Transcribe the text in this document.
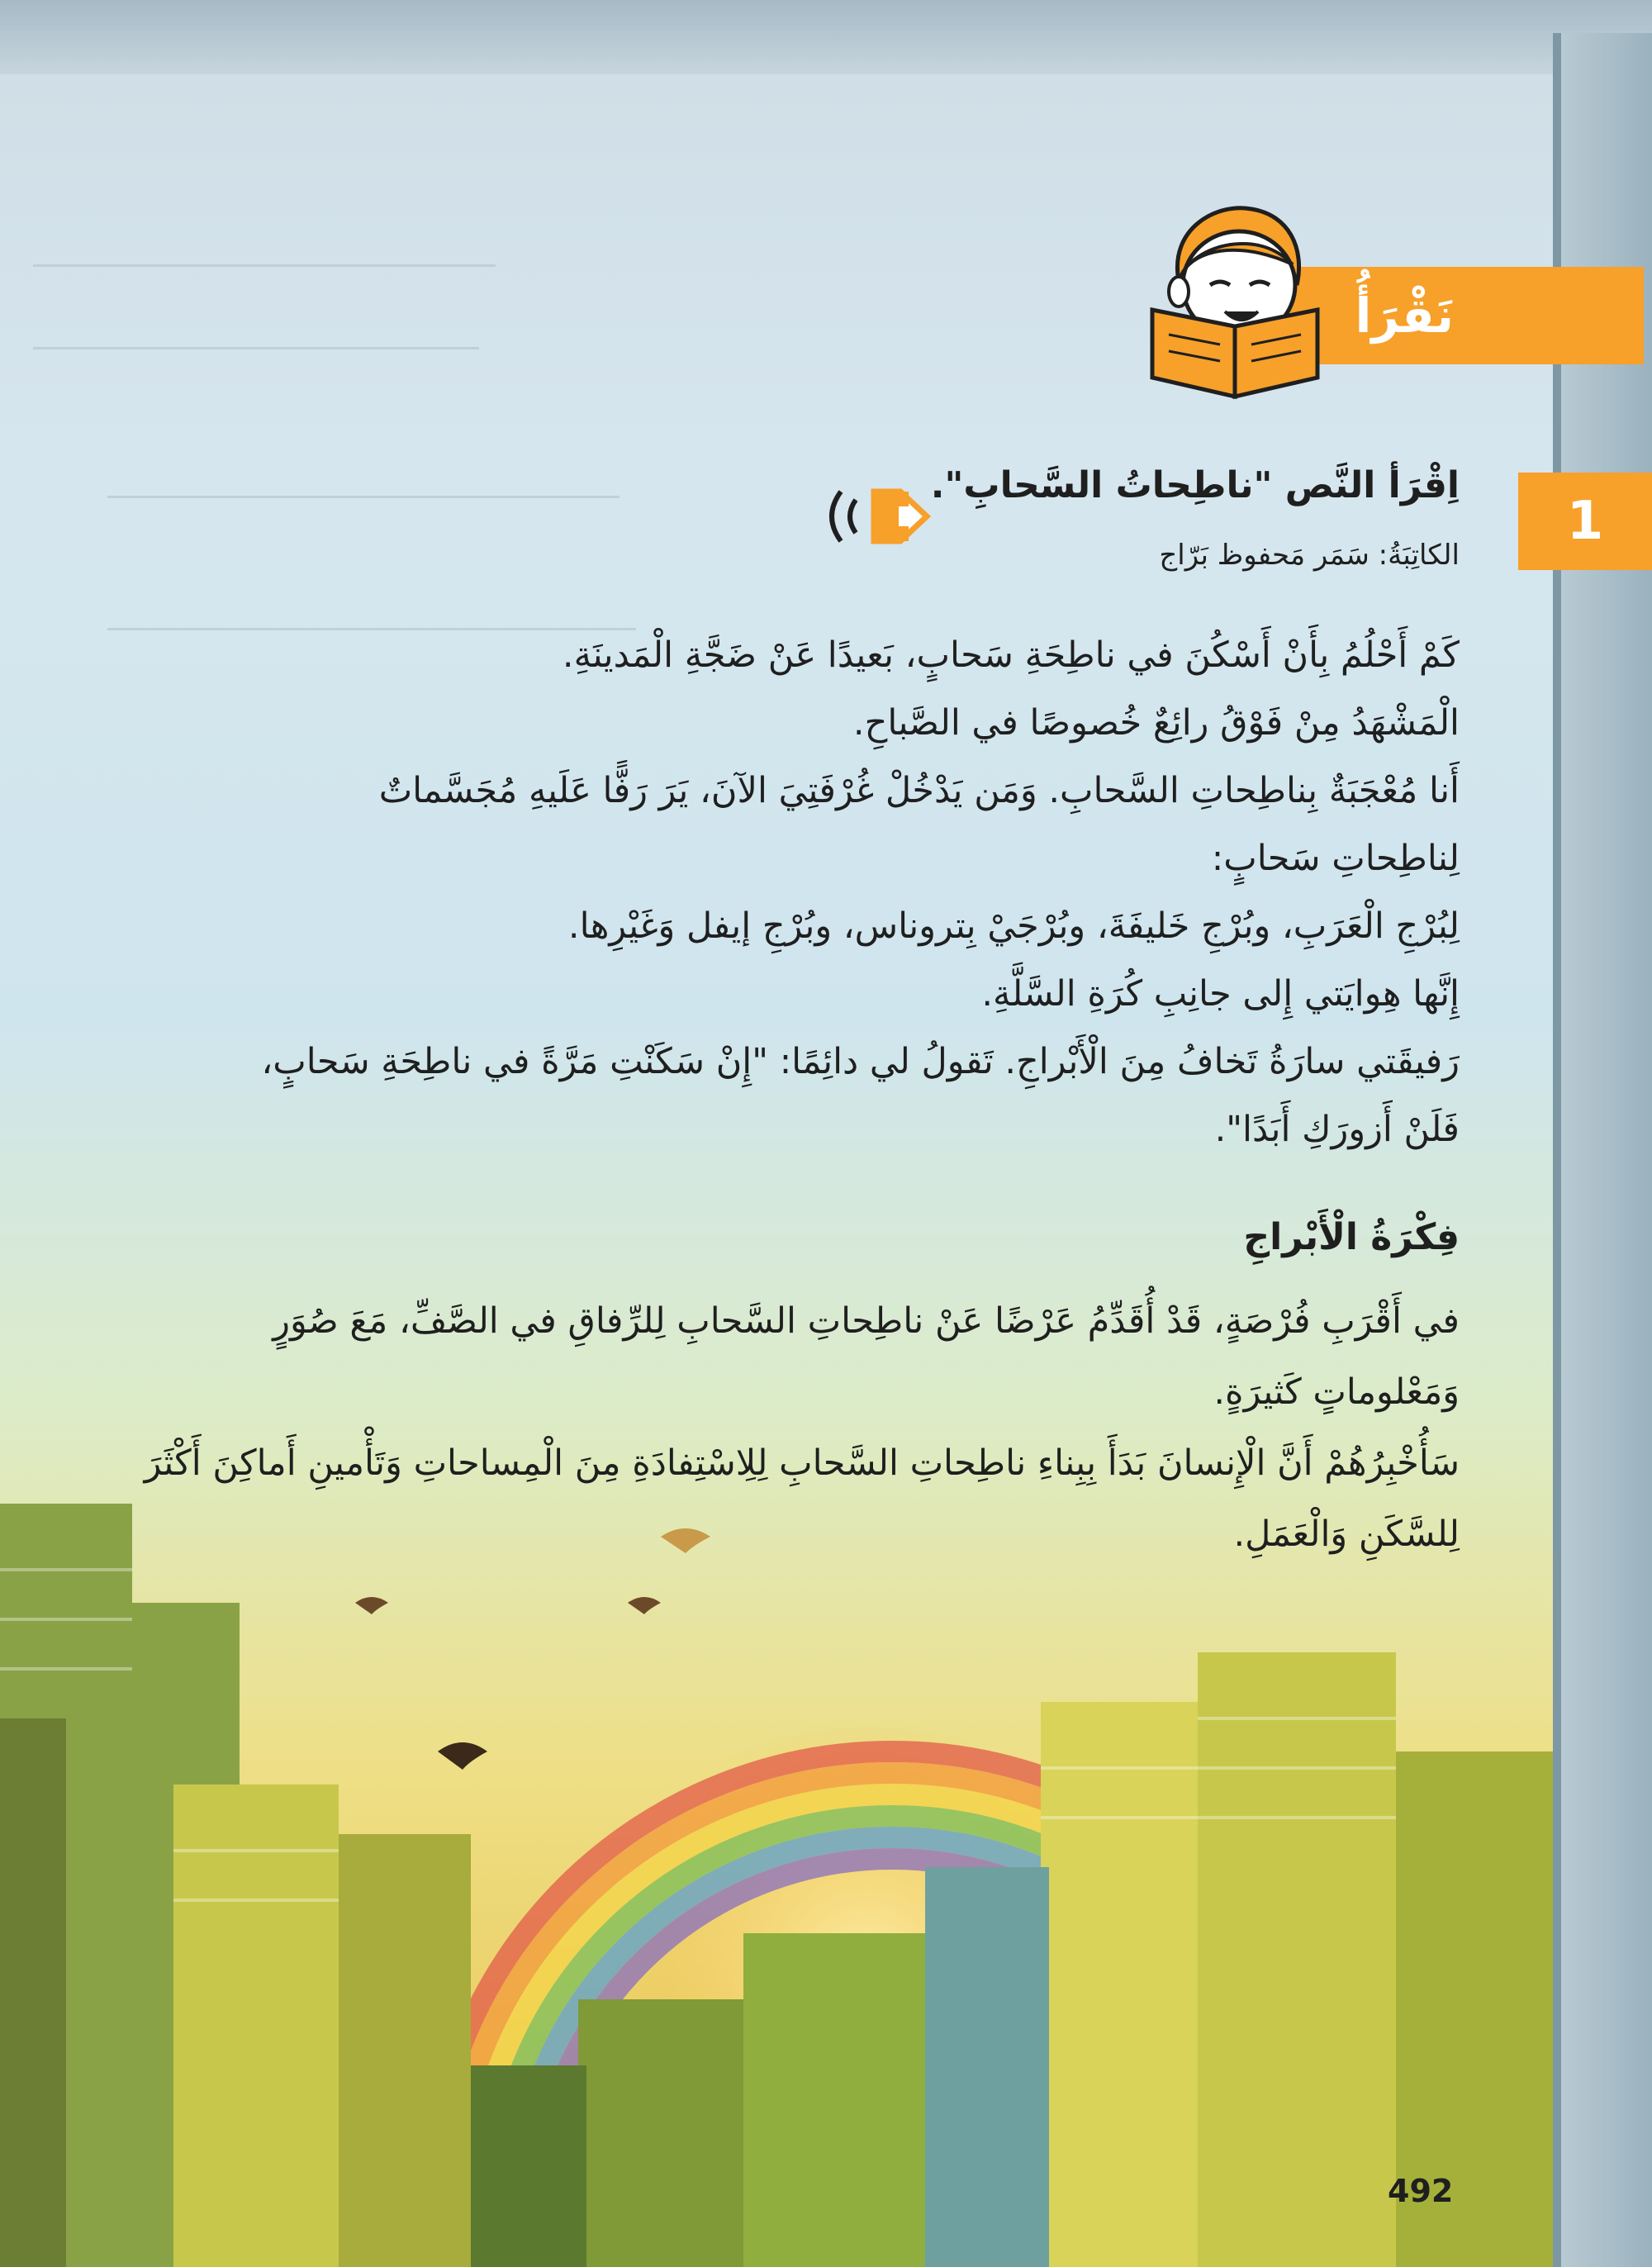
نَقْرَأُ
1
اِقْرَأ النَّص "ناطِحاتُ السَّحابِ".
الكاتِبَةُ: سَمَر مَحفوظ بَرّاج

كَمْ أَحْلُمُ بِأَنْ أَسْكُنَ في ناطِحَةِ سَحابٍ، بَعيدًا عَنْ ضَجَّةِ الْمَدينَةِ.

الْمَشْهَدُ مِنْ فَوْقُ رائِعٌ خُصوصًا في الصَّباحِ.

أَنا مُعْجَبَةٌ بِناطِحاتِ السَّحابِ. وَمَن يَدْخُلْ غُرْفَتِيَ الآنَ، يَرَ رَفًّا عَلَيهِ مُجَسَّماتٌ

لِناطِحاتِ سَحابٍ:

لِبُرْجِ الْعَرَبِ، وبُرْجِ خَليفَةَ، وبُرْجَيْ بِتروناس، وبُرْجِ إيفل وَغَيْرِها.

إِنَّها هِوايَتي إِلى جانِبِ كُرَةِ السَّلَّةِ.

رَفيقَتي سارَةُ تَخافُ مِنَ الْأَبْراجِ. تَقولُ لي دائِمًا: "إِنْ سَكَنْتِ مَرَّةً في ناطِحَةِ سَحابٍ،

فَلَنْ أَزورَكِ أَبَدًا".

فِكْرَةُ الْأَبْراجِ

في أَقْرَبِ فُرْصَةٍ، قَدْ أُقَدِّمُ عَرْضًا عَنْ ناطِحاتِ السَّحابِ لِلرِّفاقِ في الصَّفِّ، مَعَ صُوَرٍ

وَمَعْلوماتٍ كَثيرَةٍ.

سَأُخْبِرُهُمْ أَنَّ الْإِنسانَ بَدَأَ بِبِناءِ ناطِحاتِ السَّحابِ لِلِاسْتِفادَةِ مِنَ الْمِساحاتِ وَتَأْمينِ أَماكِنَ أَكْثَرَ

لِلسَّكَنِ وَالْعَمَلِ.

492
